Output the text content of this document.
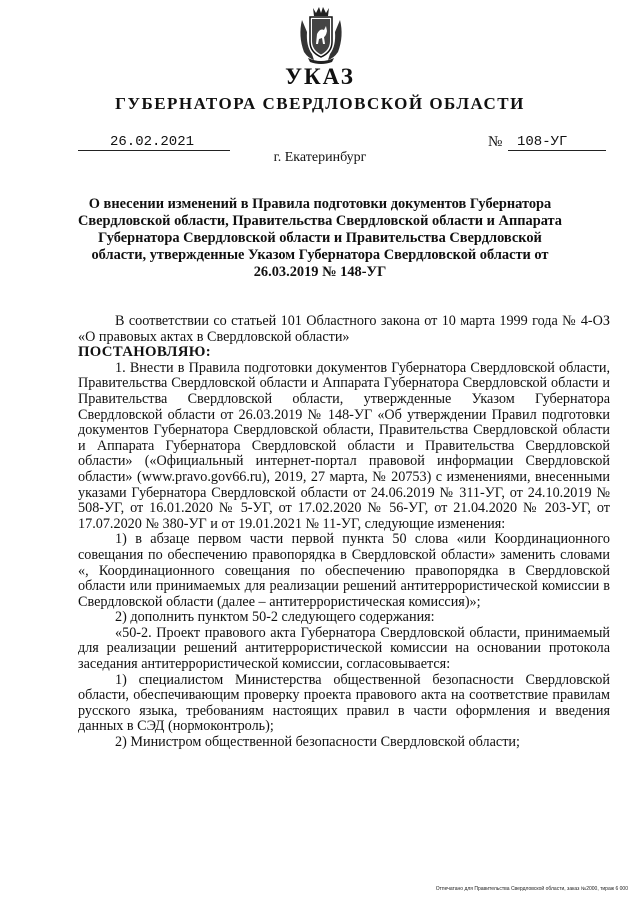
УКАЗ
ГУБЕРНАТОРА СВЕРДЛОВСКОЙ ОБЛАСТИ
26.02.2021	№ 108-УГ
г. Екатеринбург
О внесении изменений в Правила подготовки документов Губернатора Свердловской области, Правительства Свердловской области и Аппарата Губернатора Свердловской области и Правительства Свердловской области, утвержденные Указом Губернатора Свердловской области от 26.03.2019 № 148-УГ

В соответствии со статьей 101 Областного закона от 10 марта 1999 года № 4-ОЗ «О правовых актах в Свердловской области»

ПОСТАНОВЛЯЮ:

1. Внести в Правила подготовки документов Губернатора Свердловской области, Правительства Свердловской области и Аппарата Губернатора Свердловской области и Правительства Свердловской области, утвержденные Указом Губернатора Свердловской области от 26.03.2019 № 148-УГ «Об утверждении Правил подготовки документов Губернатора Свердловской области, Правительства Свердловской области и Аппарата Губернатора Свердловской области и Правительства Свердловской области» («Официальный интернет-портал правовой информации Свердловской области» (www.pravo.gov66.ru), 2019, 27 марта, № 20753) с изменениями, внесенными указами Губернатора Свердловской области от 24.06.2019 № 311-УГ, от 24.10.2019 № 508-УГ, от 16.01.2020 № 5-УГ, от 17.02.2020 № 56-УГ, от 21.04.2020 № 203-УГ, от 17.07.2020 № 380-УГ и от 19.01.2021 № 11-УГ, следующие изменения:

1) в абзаце первом части первой пункта 50 слова «или Координационного совещания по обеспечению правопорядка в Свердловской области» заменить словами «, Координационного совещания по обеспечению правопорядка в Свердловской области или принимаемых для реализации решений антитеррористической комиссии в Свердловской области (далее – антитеррористическая комиссия)»;

2) дополнить пунктом 50-2 следующего содержания:

«50-2. Проект правового акта Губернатора Свердловской области, принимаемый для реализации решений антитеррористической комиссии на основании протокола заседания антитеррористической комиссии, согласовывается:

1) специалистом Министерства общественной безопасности Свердловской области, обеспечивающим проверку проекта правового акта на соответствие правилам русского языка, требованиям настоящих правил в части оформления и введения данных в СЭД (нормоконтроль);

2) Министром общественной безопасности Свердловской области;

Отпечатано для Правительства Свердловской области, заказ №2000, тираж 6 000
